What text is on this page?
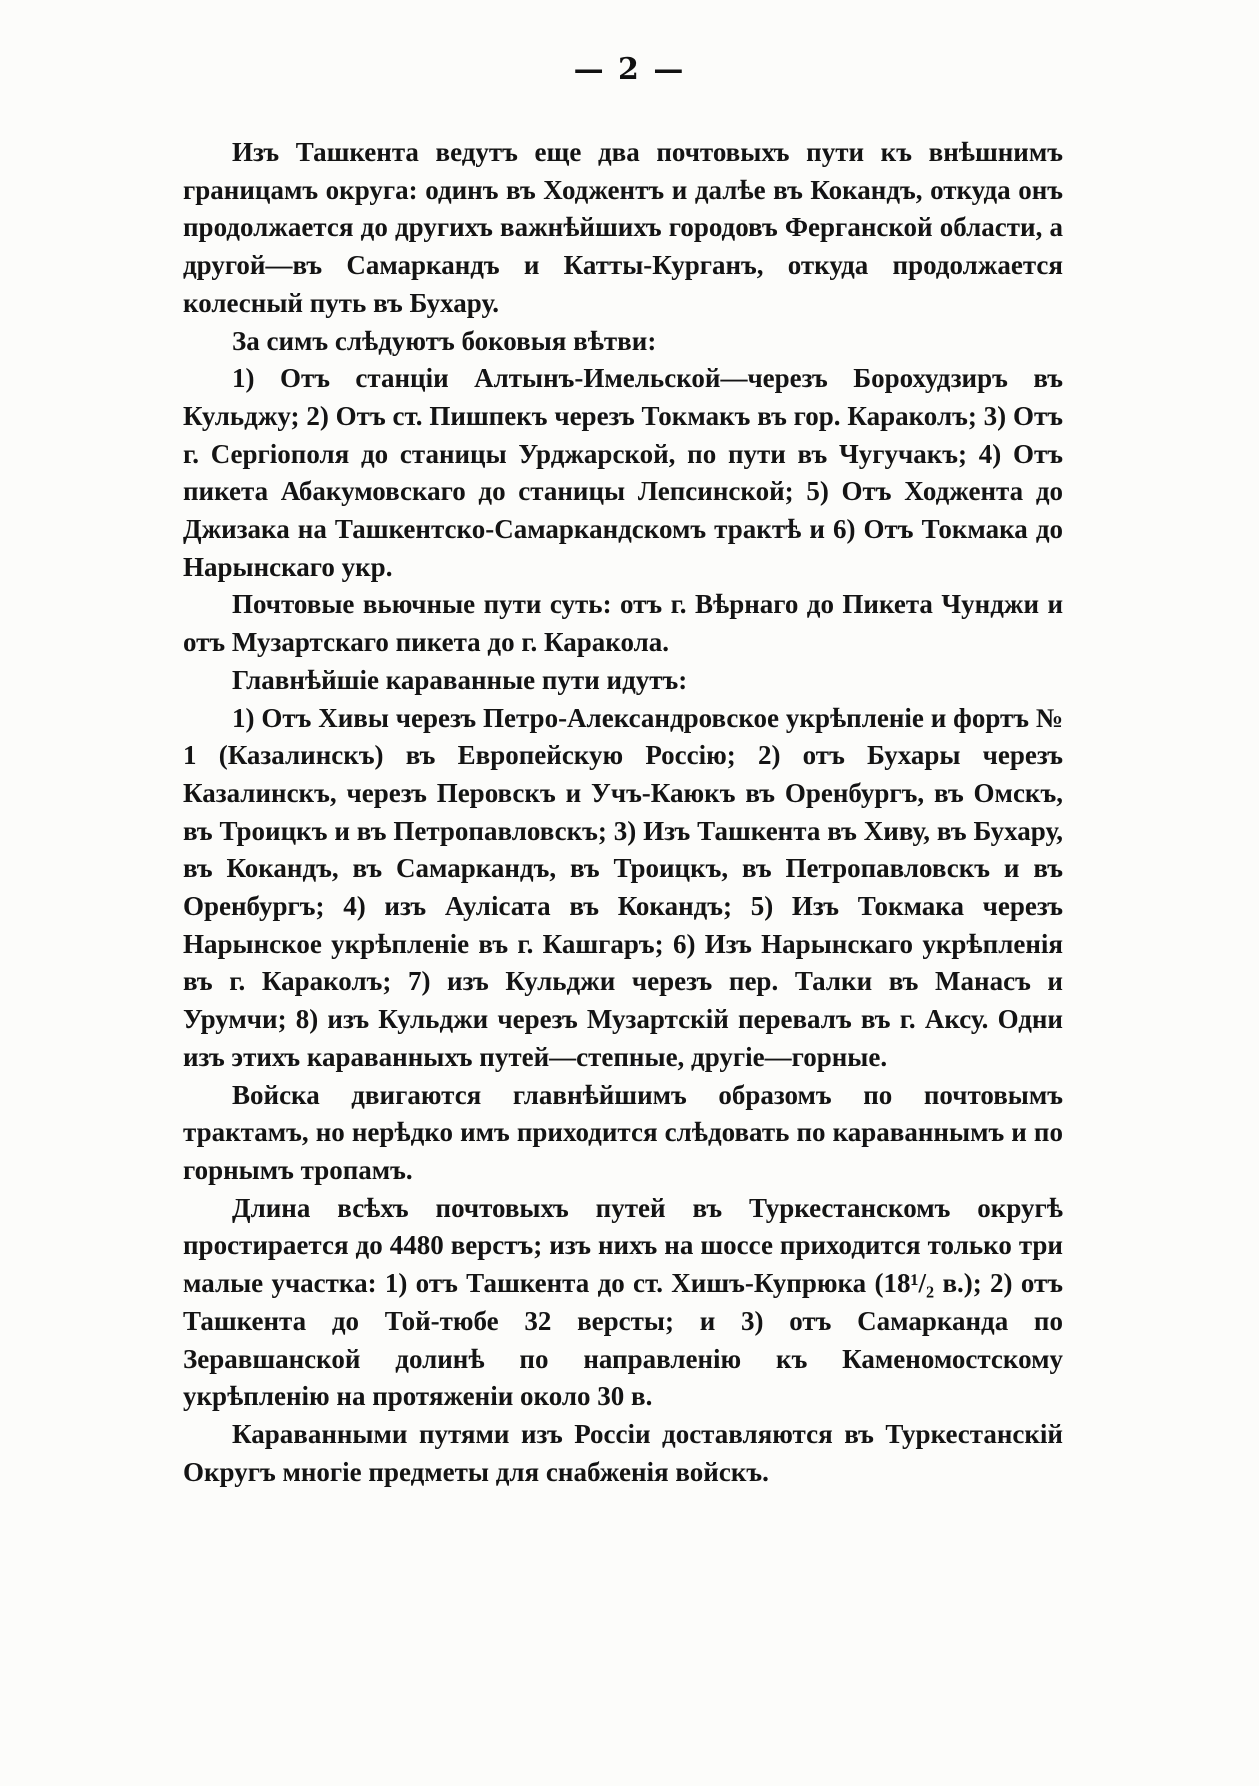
— 2 —

Изъ Ташкента ведутъ еще два почтовыхъ пути къ внѣшнимъ границамъ округа: одинъ въ Ходжентъ и далѣе въ Кокандъ, откуда онъ продолжается до другихъ важнѣйшихъ городовъ Ферганской области, а другой—въ Самаркандъ и Катты-Курганъ, откуда продолжается колесный путь въ Бухару.

За симъ слѣдуютъ боковыя вѣтви:

1) Отъ станціи Алтынъ-Имельской—черезъ Борохудзиръ въ Кульджу; 2) Отъ ст. Пишпекъ черезъ Токмакъ въ гор. Караколъ; 3) Отъ г. Сергіополя до станицы Урджарской, по пути въ Чугучакъ; 4) Отъ пикета Абакумовскаго до станицы Лепсинской; 5) Отъ Ходжента до Джизака на Ташкентско-Самаркандскомъ трактѣ и 6) Отъ Токмака до Нарынскаго укр.

Почтовые вьючные пути суть: отъ г. Вѣрнаго до Пикета Чунджи и отъ Музартскаго пикета до г. Каракола.

Главнѣйшіе караванные пути идутъ:

1) Отъ Хивы черезъ Петро-Александровское укрѣпленіе и фортъ № 1 (Казалинскъ) въ Европейскую Россію; 2) отъ Бухары черезъ Казалинскъ, черезъ Перовскъ и Учъ-Каюкъ въ Оренбургъ, въ Омскъ, въ Троицкъ и въ Петропавловскъ; 3) Изъ Ташкента въ Хиву, въ Бухару, въ Кокандъ, въ Самаркандъ, въ Троицкъ, въ Петропавловскъ и въ Оренбургъ; 4) изъ Аулісата въ Кокандъ; 5) Изъ Токмака черезъ Нарынское укрѣпленіе въ г. Кашгаръ; 6) Изъ Нарынскаго укрѣпленія въ г. Караколъ; 7) изъ Кульджи черезъ пер. Талки въ Манасъ и Урумчи; 8) изъ Кульджи черезъ Музартскій перевалъ въ г. Аксу. Одни изъ этихъ караванныхъ путей—степные, другіе—горные.

Войска двигаются главнѣйшимъ образомъ по почтовымъ трактамъ, но нерѣдко имъ приходится слѣдовать по караваннымъ и по горнымъ тропамъ.

Длина всѣхъ почтовыхъ путей въ Туркестанскомъ округѣ простирается до 4480 верстъ; изъ нихъ на шоссе приходится только три малые участка: 1) отъ Ташкента до ст. Хишъ-Купрюка (18¹/₂ в.); 2) отъ Ташкента до Той-тюбе 32 версты; и 3) отъ Самарканда по Зеравшанской долинѣ по направленію къ Каменомостскому укрѣпленію на протяженіи около 30 в.

Караванными путями изъ Россіи доставляются въ Туркестанскій Округъ многіе предметы для снабженія войскъ.
